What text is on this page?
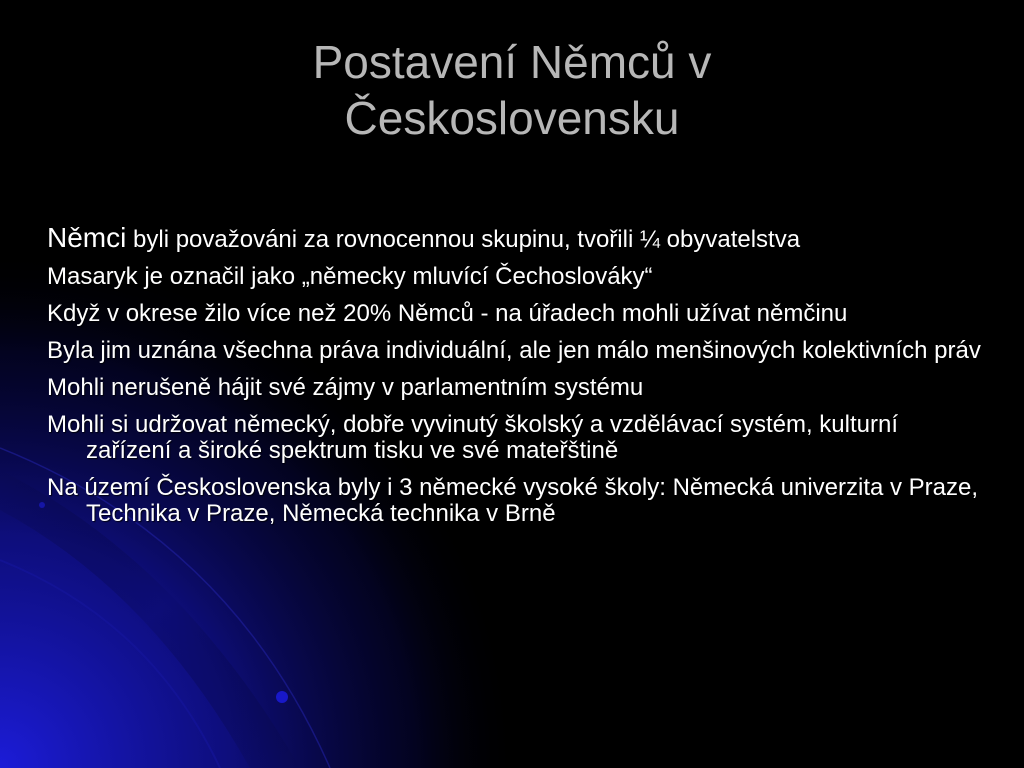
Postavení Němců v
Československu
Němci byli považováni za rovnocennou skupinu, tvořili ¼ obyvatelstva
Masaryk je označil jako „německy mluvící Čechoslováky“
Když v okrese žilo více než 20% Němců - na úřadech mohli užívat němčinu
Byla jim uznána všechna práva individuální, ale jen málo menšinových kolektivních práv
Mohli nerušeně hájit své zájmy v parlamentním systému
Mohli si udržovat německý, dobře vyvinutý školský a vzdělávací systém, kulturní zařízení a široké spektrum tisku ve své mateřštině
Na území Československa byly i 3 německé vysoké školy: Německá univerzita v Praze, Technika v Praze, Německá technika v Brně
